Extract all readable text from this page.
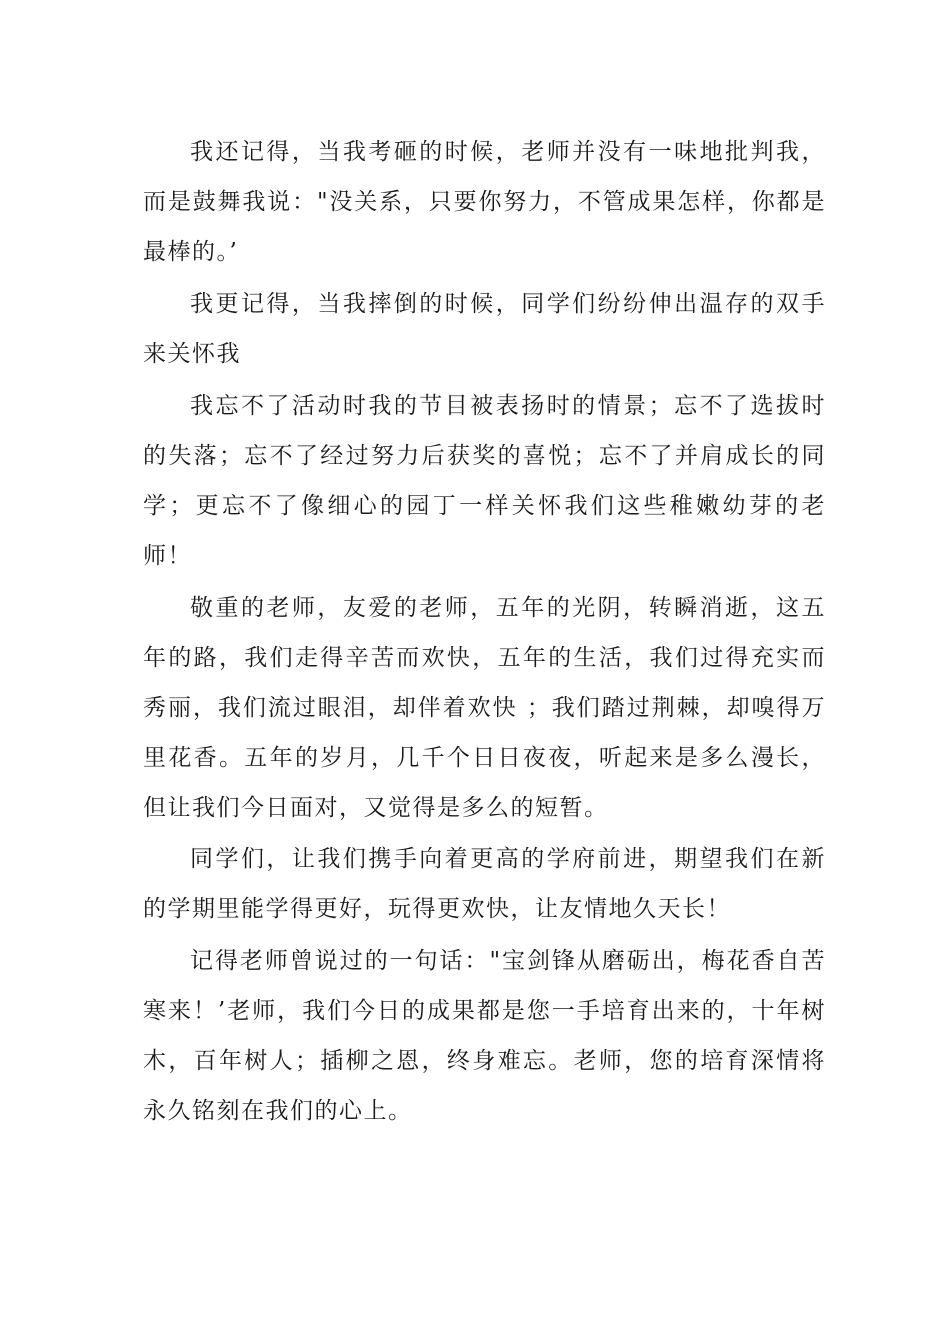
我还记得，当我考砸的时候，老师并没有一味地批判我，而是鼓舞我说："没关系，只要你努力，不管成果怎样，你都是最棒的。’

我更记得，当我摔倒的时候，同学们纷纷伸出温存的双手来关怀我

我忘不了活动时我的节目被表扬时的情景；忘不了选拔时的失落；忘不了经过努力后获奖的喜悦；忘不了并肩成长的同学；更忘不了像细心的园丁一样关怀我们这些稚嫩幼芽的老师！

敬重的老师，友爱的老师，五年的光阴，转瞬消逝，这五年的路，我们走得辛苦而欢快，五年的生活，我们过得充实而秀丽，我们流过眼泪，却伴着欢快 ；我们踏过荆棘，却嗅得万里花香。五年的岁月，几千个日日夜夜，听起来是多么漫长，但让我们今日面对，又觉得是多么的短暂。

同学们，让我们携手向着更高的学府前进，期望我们在新的学期里能学得更好，玩得更欢快，让友情地久天长！

记得老师曾说过的一句话："宝剑锋从磨砺出，梅花香自苦寒来！’老师，我们今日的成果都是您一手培育出来的，十年树木，百年树人；插柳之恩，终身难忘。老师，您的培育深情将永久铭刻在我们的心上。
